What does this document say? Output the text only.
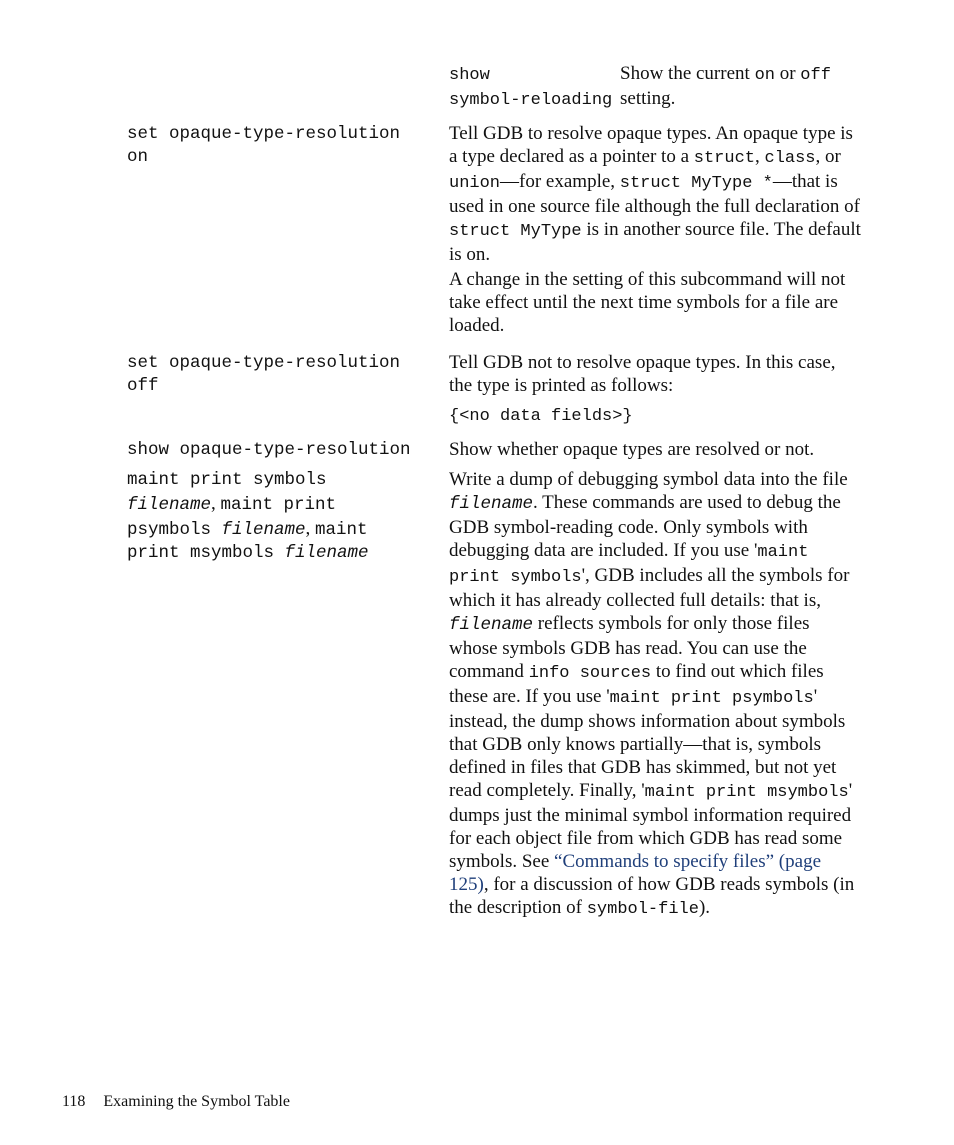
show
symbol-reloading

Show the current on or off setting.

set opaque-type-resolution
on

Tell GDB to resolve opaque types. An opaque type is a type declared as a pointer to a struct, class, or union—for example, struct MyType *—that is used in one source file although the full declaration of struct MyType is in another source file. The default is on.

A change in the setting of this subcommand will not take effect until the next time symbols for a file are loaded.

set opaque-type-resolution
off

Tell GDB not to resolve opaque types. In this case, the type is printed as follows:

{<no data fields>}

show opaque-type-resolution	Show whether opaque types are resolved or not.

maint print symbols
filename, maint print
psymbols filename, maint
print msymbols filename

Write a dump of debugging symbol data into the file filename. These commands are used to debug the GDB symbol-reading code. Only symbols with debugging data are included. If you use 'maint print symbols', GDB includes all the symbols for which it has already collected full details: that is, filename reflects symbols for only those files whose symbols GDB has read. You can use the command info sources to find out which files these are. If you use 'maint print psymbols' instead, the dump shows information about symbols that GDB only knows partially—that is, symbols defined in files that GDB has skimmed, but not yet read completely. Finally, 'maint print msymbols' dumps just the minimal symbol information required for each object file from which GDB has read some symbols. See “Commands to specify files” (page 125), for a discussion of how GDB reads symbols (in the description of symbol-file).

118 Examining the Symbol Table
